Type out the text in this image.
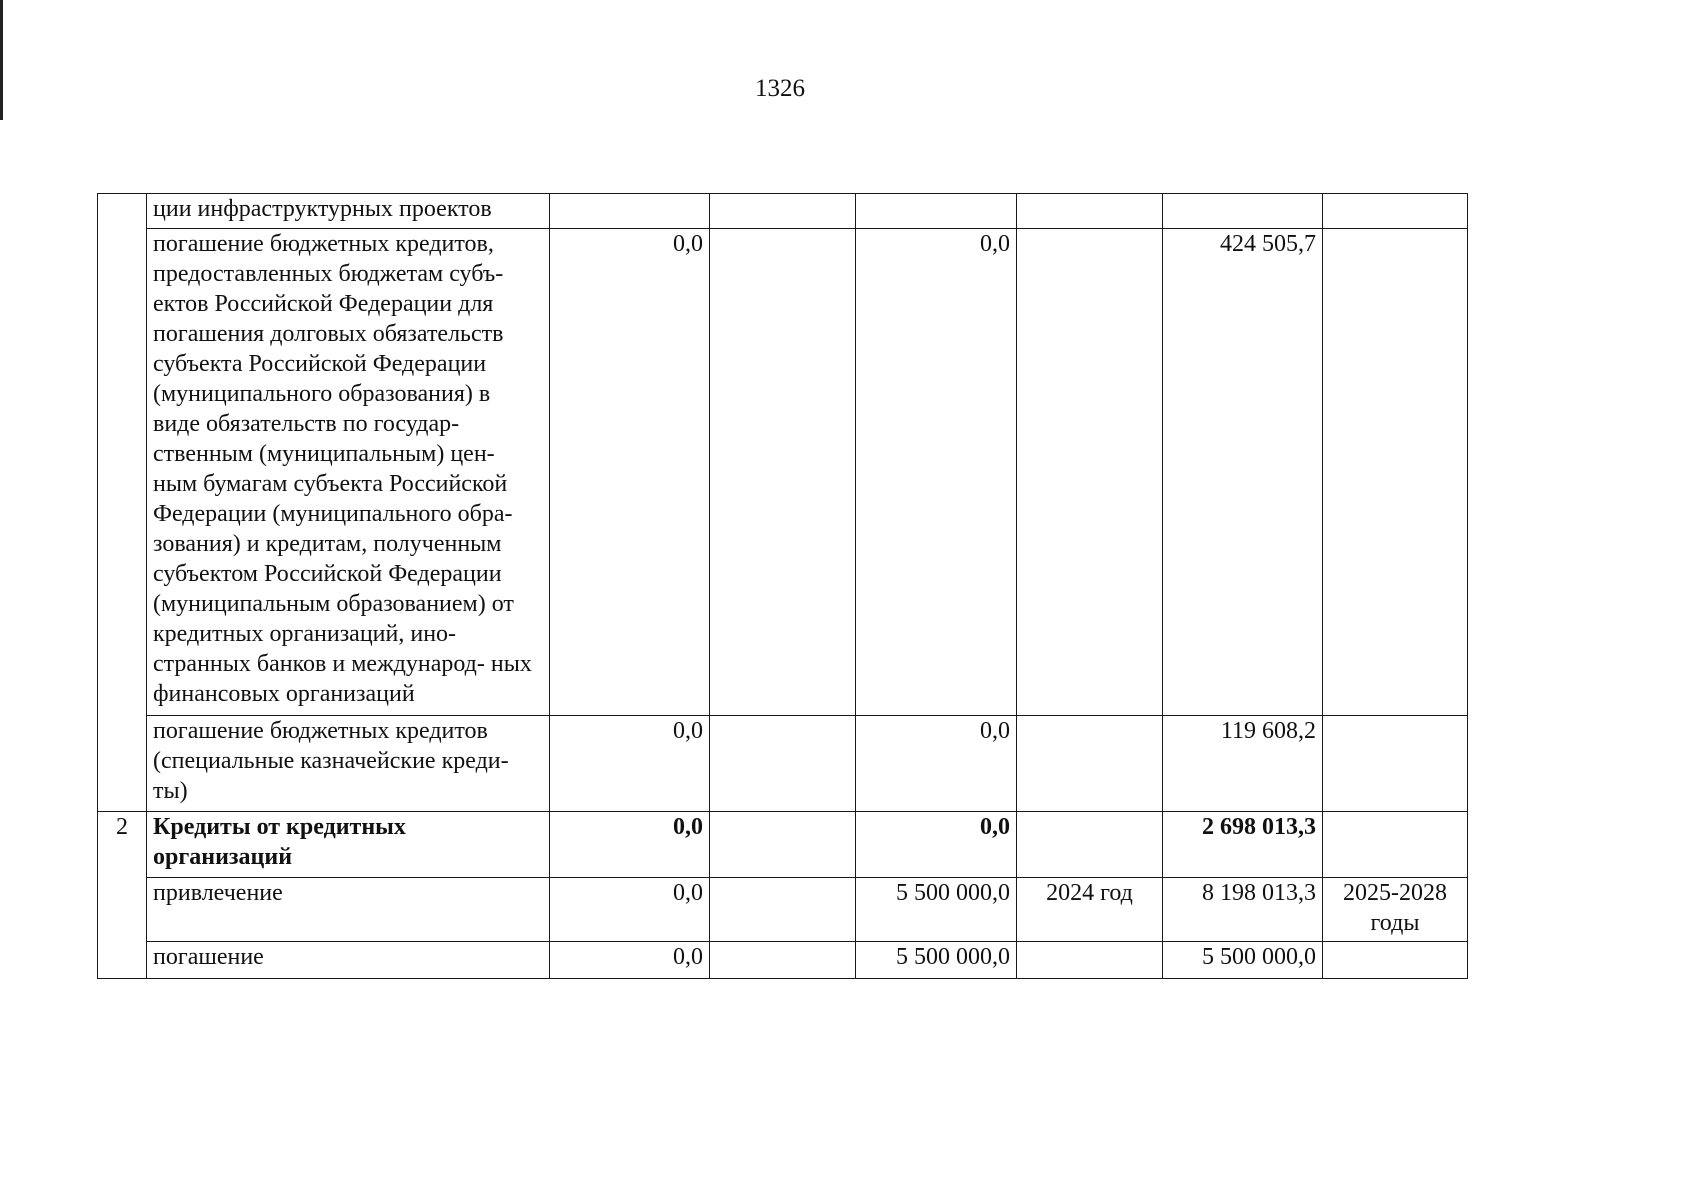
1326
	ции инфраструктурных проектов						
	погашение бюджетных кредитов, предоставленных бюджетам субъ- ектов Российской Федерации для погашения долговых обязательств субъекта Российской Федерации (муниципального образования) в виде обязательств по государ- ственным (муниципальным) цен- ным бумагам субъекта Российской Федерации (муниципального обра- зования) и кредитам, полученным субъектом Российской Федерации (муниципальным образованием) от кредитных организаций, ино- странных банков и международ- ных финансовых организаций	0,0		0,0		424 505,7	
	погашение бюджетных кредитов (специальные казначейские креди- ты)	0,0		0,0		119 608,2	
2	Кредиты от кредитных организаций	0,0		0,0		2 698 013,3	
	привлечение	0,0		5 500 000,0	2024 год	8 198 013,3	2025-2028 годы
	погашение	0,0		5 500 000,0		5 500 000,0	
